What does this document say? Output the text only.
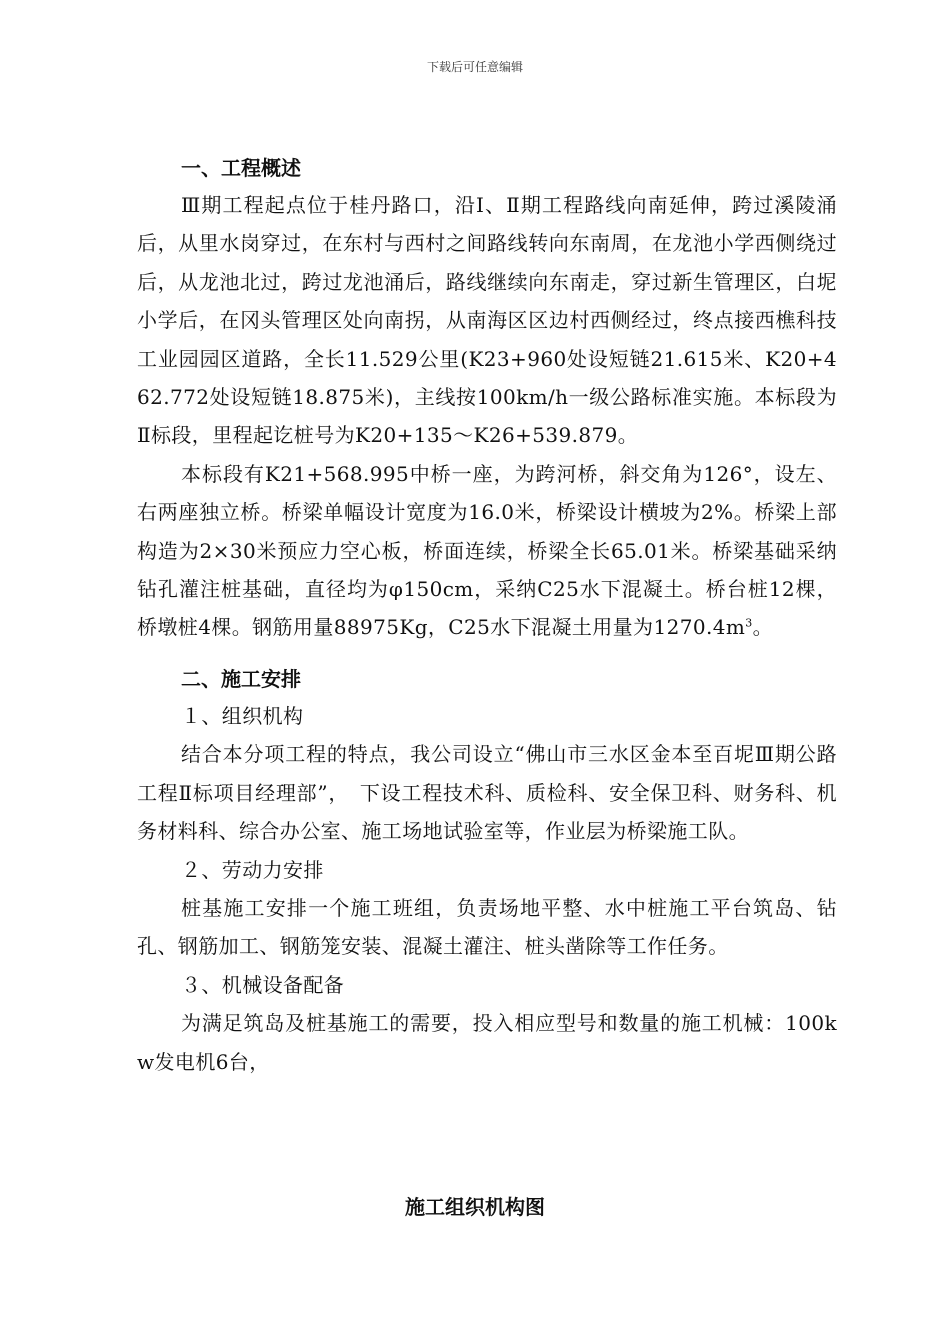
下载后可任意编辑
一、工程概述

Ⅲ期工程起点位于桂丹路口，沿Ⅰ、Ⅱ期工程路线向南延伸，跨过溪陵涌后，从里水岗穿过，在东村与西村之间路线转向东南周，在龙池小学西侧绕过后，从龙池北过，跨过龙池涌后，路线继续向东南走，穿过新生管理区，白坭小学后，在冈头管理区处向南拐，从南海区区边村西侧经过，终点接西樵科技工业园园区道路，全长11.529公里(K23+960处设短链21.615米、K20+462.772处设短链18.875米)，主线按100km/h一级公路标准实施。本标段为Ⅱ标段，里程起讫桩号为K20+135～K26+539.879。

本标段有K21+568.995中桥一座，为跨河桥，斜交角为126°，设左、右两座独立桥。桥梁单幅设计宽度为16.0米，桥梁设计横坡为2%。桥梁上部构造为2×30米预应力空心板，桥面连续，桥梁全长65.01米。桥梁基础采纳钻孔灌注桩基础，直径均为φ150cm，采纳C25水下混凝土。桥台桩12棵，桥墩桩4棵。钢筋用量88975Kg，C25水下混凝土用量为$1270.4m^3$。

二、施工安排

１、组织机构

结合本分项工程的特点，我公司设立“佛山市三水区金本至百坭Ⅲ期公路工程Ⅱ标项目经理部”，　下设工程技术科、质检科、安全保卫科、财务科、机务材料科、综合办公室、施工场地试验室等，作业层为桥梁施工队。

２、劳动力安排

桩基施工安排一个施工班组，负责场地平整、水中桩施工平台筑岛、钻孔、钢筋加工、钢筋笼安装、混凝土灌注、桩头凿除等工作任务。

３、机械设备配备

为满足筑岛及桩基施工的需要，投入相应型号和数量的施工机械：100kw发电机6台，

施工组织机构图
